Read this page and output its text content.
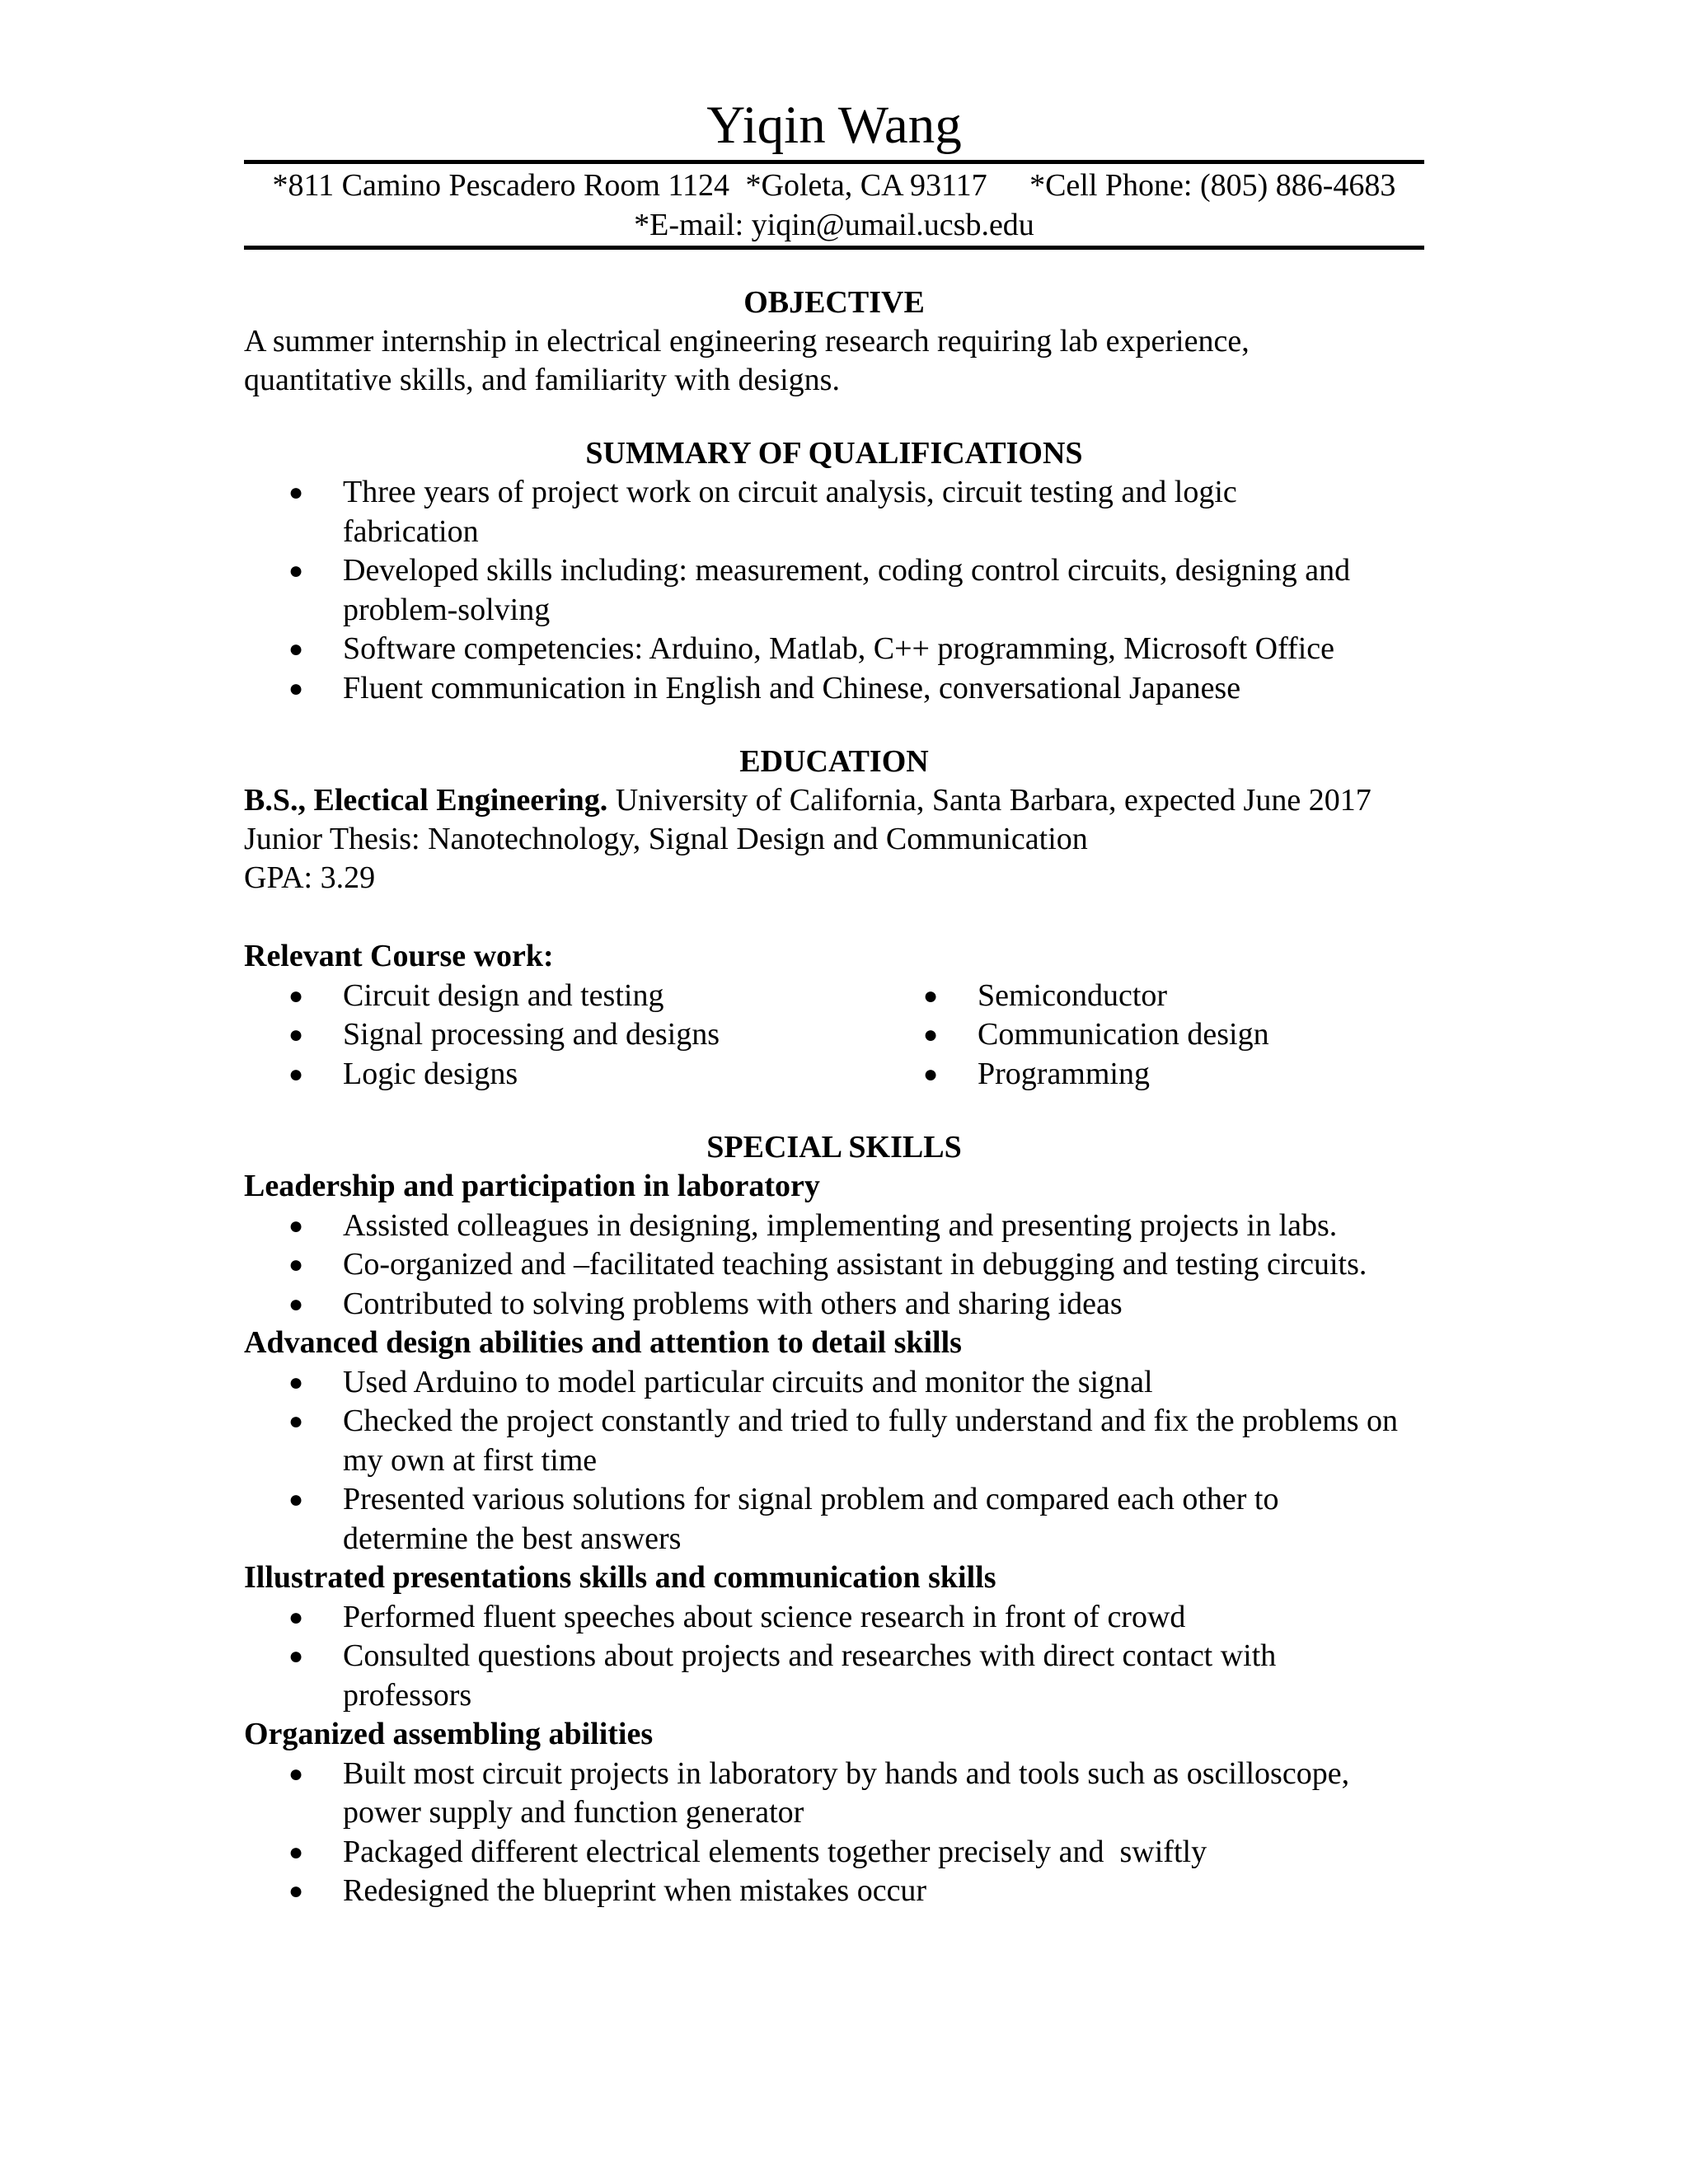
Yiqin Wang
*811 Camino Pescadero Room 1124 *Goleta, CA 93117 *Cell Phone: (805) 886-4683
*E-mail: yiqin@umail.ucsb.edu
OBJECTIVE

A summer internship in electrical engineering research requiring lab experience, quantitative skills, and familiarity with designs.

SUMMARY OF QUALIFICATIONS
● Three years of project work on circuit analysis, circuit testing and logic fabrication
● Developed skills including: measurement, coding control circuits, designing and problem-solving
● Software competencies: Arduino, Matlab, C++ programming, Microsoft Office
● Fluent communication in English and Chinese, conversational Japanese
EDUCATION

B.S., Electical Engineering. University of California, Santa Barbara, expected June 2017

Junior Thesis: Nanotechnology, Signal Design and Communication

GPA: 3.29

Relevant Course work:

● Circuit design and testing
● Signal processing and designs
● Logic designs
● Semiconductor
● Communication design
● Programming
SPECIAL SKILLS

Leadership and participation in laboratory

● Assisted colleagues in designing, implementing and presenting projects in labs.
● Co-organized and –facilitated teaching assistant in debugging and testing circuits.
● Contributed to solving problems with others and sharing ideas

Advanced design abilities and attention to detail skills

● Used Arduino to model particular circuits and monitor the signal
● Checked the project constantly and tried to fully understand and fix the problems on my own at first time
● Presented various solutions for signal problem and compared each other to determine the best answers

Illustrated presentations skills and communication skills

● Performed fluent speeches about science research in front of crowd
● Consulted questions about projects and researches with direct contact with professors

Organized assembling abilities

● Built most circuit projects in laboratory by hands and tools such as oscilloscope, power supply and function generator
● Packaged different electrical elements together precisely and  swiftly
● Redesigned the blueprint when mistakes occur
